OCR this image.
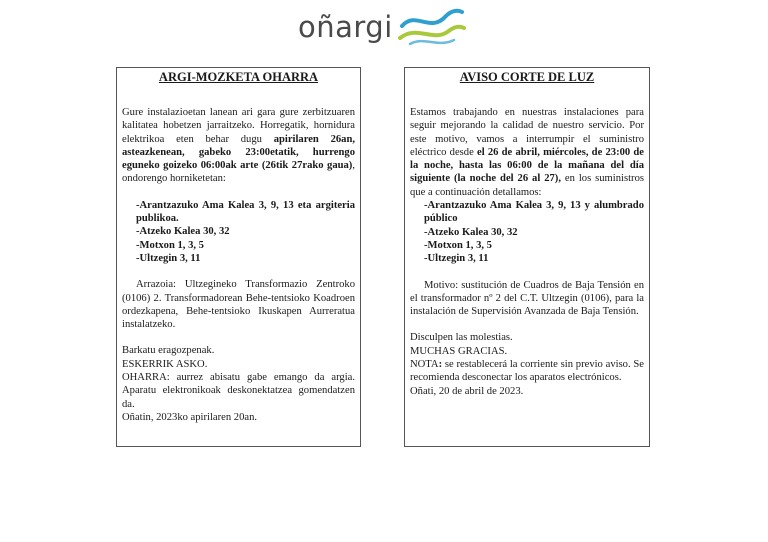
oñargi

ARGI-MOZKETA OHARRA

Gure instalazioetan lanean ari gara gure zerbitzuaren kalitatea hobetzen jarraitzeko. Horregatik, hornidura elektrikoa eten behar dugu apirilaren 26an, asteazkenean, gabeko 23:00etatik, hurrengo eguneko goizeko 06:00ak arte (26tik 27rako gaua), ondorengo horniketetan:

-Arantzazuko Ama Kalea 3, 9, 13 eta argiteria publikoa.

-Atzeko Kalea 30, 32

-Motxon 1, 3, 5

-Ultzegin 3, 11

Arrazoia: Ultzegineko Transformazio Zentroko (0106) 2. Transformadorean Behe-tentsioko Koadroen ordezkapena, Behe-tentsioko Ikuskapen Aurreratua instalatzeko.

Barkatu eragozpenak.

ESKERRIK ASKO.

OHARRA: aurrez abisatu gabe emango da argia. Aparatu elektronikoak deskonektatzea gomendatzen da.

Oñatin, 2023ko apirilaren 20an.

AVISO CORTE DE LUZ

Estamos trabajando en nuestras instalaciones para seguir mejorando la calidad de nuestro servicio. Por este motivo, vamos a interrumpir el suministro eléctrico desde el 26 de abril, miércoles, de 23:00 de la noche, hasta las 06:00 de la mañana del día siguiente (la noche del 26 al 27), en los suministros que a continuación detallamos:

-Arantzazuko Ama Kalea 3, 9, 13 y alumbrado público

-Atzeko Kalea 30, 32

-Motxon 1, 3, 5

-Ultzegin 3, 11

Motivo: sustitución de Cuadros de Baja Tensión en el transformador nº 2 del C.T. Ultzegin (0106), para la instalación de Supervisión Avanzada de Baja Tensión.

Disculpen las molestias.

MUCHAS GRACIAS.

NOTA: se restablecerá la corriente sin previo aviso. Se recomienda desconectar los aparatos electrónicos.

Oñati, 20 de abril de 2023.
